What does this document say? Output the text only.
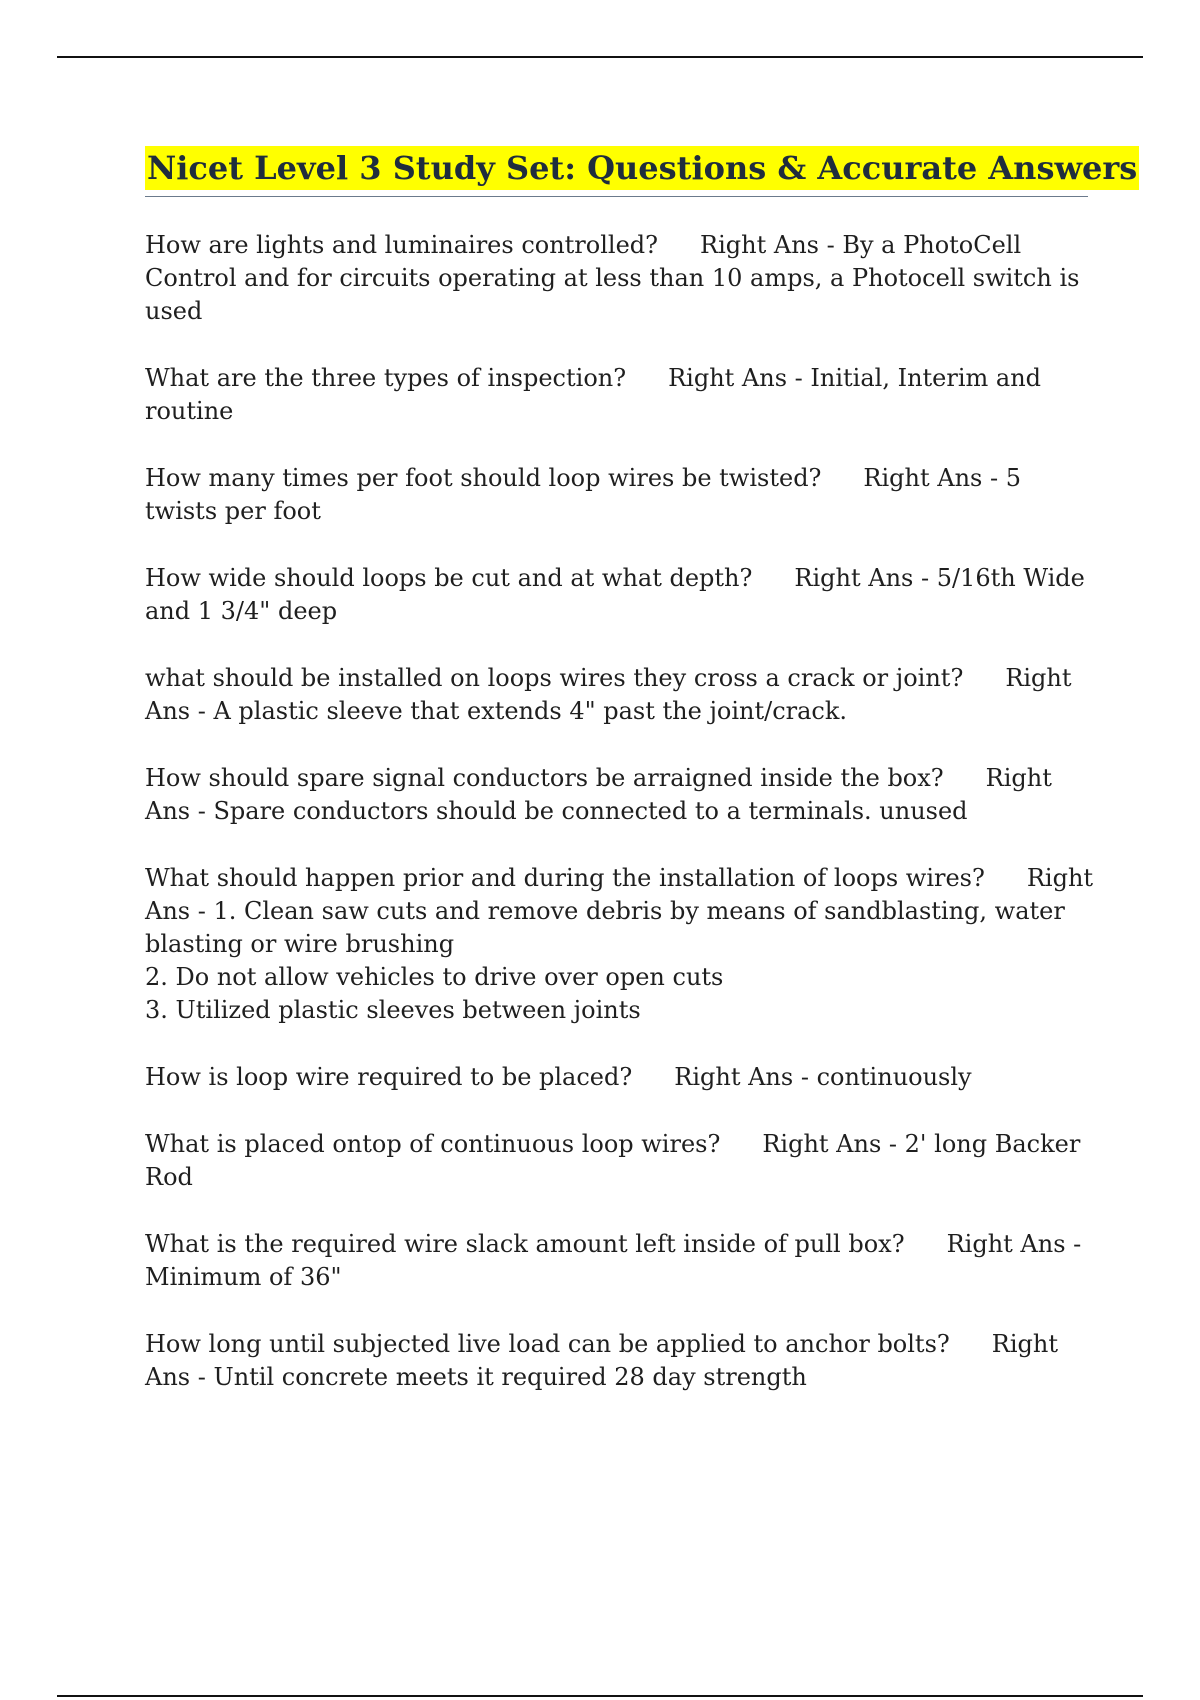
Nicet Level 3 Study Set: Questions & Accurate Answers

How are lights and luminaires controlled? Right Ans - By a PhotoCell Control and for circuits operating at less than 10 amps, a Photocell switch is used

What are the three types of inspection? Right Ans - Initial, Interim and routine

How many times per foot should loop wires be twisted? Right Ans - 5 twists per foot

How wide should loops be cut and at what depth? Right Ans - 5/16th Wide and 1 3/4" deep

what should be installed on loops wires they cross a crack or joint? Right Ans - A plastic sleeve that extends 4" past the joint/crack.

How should spare signal conductors be arraigned inside the box? Right Ans - Spare conductors should be connected to a terminals. unused

What should happen prior and during the installation of loops wires? Right Ans - 1. Clean saw cuts and remove debris by means of sandblasting, water blasting or wire brushing
2. Do not allow vehicles to drive over open cuts
3. Utilized plastic sleeves between joints

How is loop wire required to be placed? Right Ans - continuously

What is placed ontop of continuous loop wires? Right Ans - 2' long Backer Rod

What is the required wire slack amount left inside of pull box? Right Ans - Minimum of 36"

How long until subjected live load can be applied to anchor bolts? Right Ans - Until concrete meets it required 28 day strength
